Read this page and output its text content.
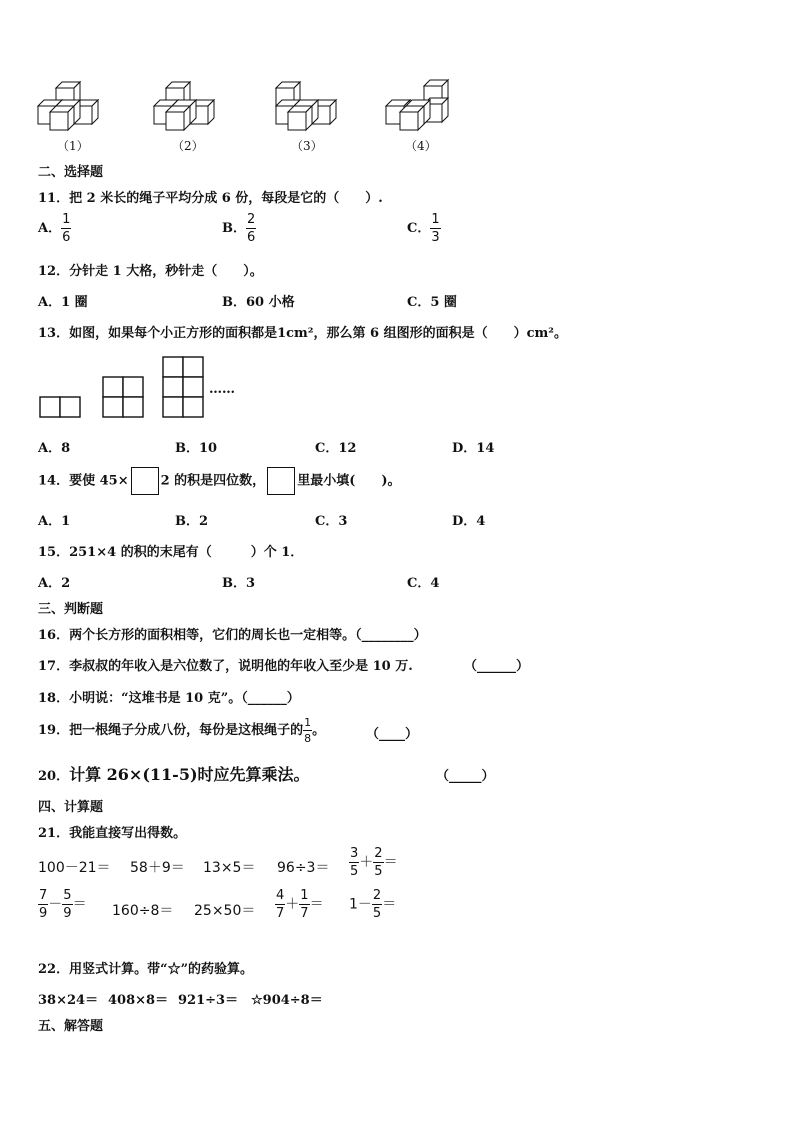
（1）	（2）	（3）	（4）
二、选择题
11．把 2 米长的绳子平均分成 6 份，每段是它的（　　）.
A． $\frac{1}{6}$	B． $\frac{2}{6}$	C． $\frac{1}{3}$
12．分针走 1 大格，秒针走（　　）。
A．1 圈	B．60 小格	C．5 圈
13．如图，如果每个小正方形的面积都是1cm²，那么第 6 组图形的面积是（　　）cm²。
……
A．8	B．10	C．12	D．14
14．要使 45× 2 的积是四位数， 里最小填(　　)。
A．1	B．2	C．3	D．4
15．251×4 的积的末尾有（　　　）个 1．
A．2	B．3	C．4
三、判断题
16．两个长方形的面积相等，它们的周长也一定相等。（________）
17．李叔叔的年收入是六位数了，说明他的年收入至少是 10 万.	（______）
18．小明说：“这堆书是 10 克”。（______）
19．把一根绳子分成八份，每份是这根绳子的 $\frac{1}{8}$ 。	（____）
20．计算 26×(11-5)时应先算乘法。	（_____）
四、计算题
21．我能直接写出得数。
$100-21= 58+9= 13\times 5= 96\div 3= \frac{3}{5} + \frac{2}{5}$ ＝
$\frac{7}{9} - \frac{5}{9} = 160\div 8= 25\times 50= \frac{4}{7} + \frac{1}{7} = 1- \frac{2}{5}$ ＝
22．用竖式计算。带“☆”的药验算。
38×24＝ 408×8＝ 921÷3＝ ☆904÷8＝
五、解答题
